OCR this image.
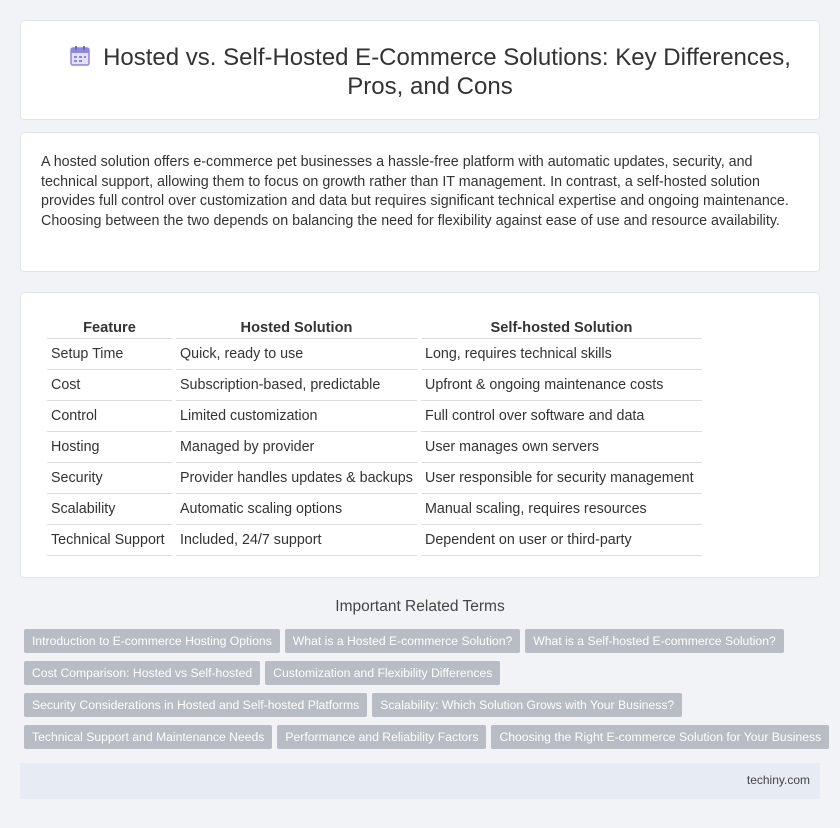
Hosted vs. Self-Hosted E-Commerce Solutions: Key Differences, Pros, and Cons

A hosted solution offers e-commerce pet businesses a hassle-free platform with automatic updates, security, and technical support, allowing them to focus on growth rather than IT management. In contrast, a self-hosted solution provides full control over customization and data but requires significant technical expertise and ongoing maintenance. Choosing between the two depends on balancing the need for flexibility against ease of use and resource availability.

Feature	Hosted Solution	Self-hosted Solution
Setup Time	Quick, ready to use	Long, requires technical skills
Cost	Subscription-based, predictable	Upfront & ongoing maintenance costs
Control	Limited customization	Full control over software and data
Hosting	Managed by provider	User manages own servers
Security	Provider handles updates & backups	User responsible for security management
Scalability	Automatic scaling options	Manual scaling, requires resources
Technical Support	Included, 24/7 support	Dependent on user or third-party
Important Related Terms
Introduction to E-commerce Hosting Options What is a Hosted E-commerce Solution? What is a Self-hosted E-commerce Solution?
Cost Comparison: Hosted vs Self-hosted Customization and Flexibility Differences
Security Considerations in Hosted and Self-hosted Platforms Scalability: Which Solution Grows with Your Business?
Technical Support and Maintenance Needs Performance and Reliability Factors Choosing the Right E-commerce Solution for Your Business
techiny.com
